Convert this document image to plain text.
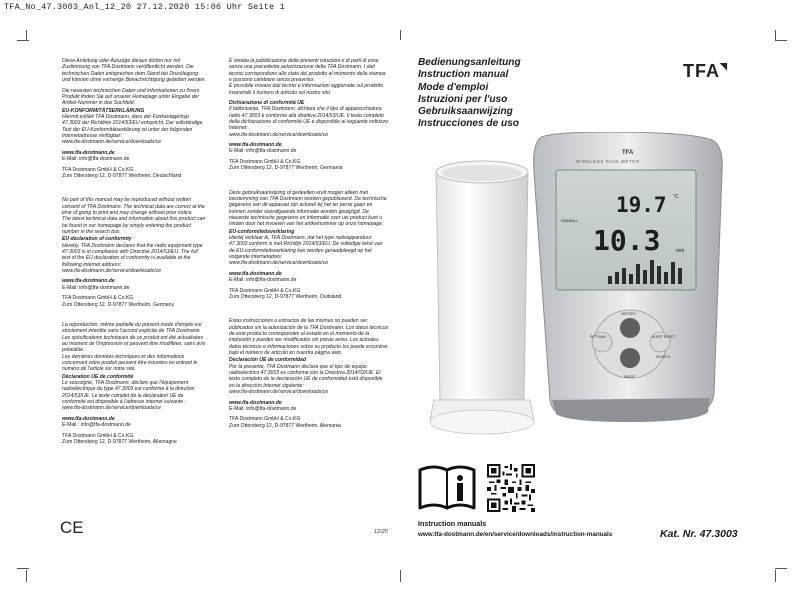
TFA_No_47.3003_Anl_12_20 27.12.2020 15:06 Uhr Seite 1

Diese Anleitung oder Auszüge daraus dürfen nur mit Zustimmung von TFA Dostmann veröffentlicht werden. Die technischen Daten entsprechen dem Stand bei Drucklegung und können ohne vorherige Benachrichtigung geändert werden.

Die neuesten technischen Daten und Informationen zu Ihrem Produkt finden Sie auf unserer Homepage unter Eingabe der Artikel-Nummer in das Suchfeld.

EU-KONFORMITÄTSERKLÄRUNG

Hiermit erklärt TFA Dostmann, dass der Funkanlagentyp 47.3003 der Richtlinie 2014/53/EU entspricht. Der vollständige Text der EU-Konformitätserklärung ist unter der folgenden Internetadresse verfügbar:

www.tfa-dostmann.de/service/downloads/ce

www.tfa-dostmann.de

E-Mail: info@tfa-dostmann.de

TFA Dostmann GmbH & Co.KG
Zum Ottersberg 12, D-97877 Wertheim, Deutschland

No part of this manual may be reproduced without written consent of TFA Dostmann. The technical data are correct at the time of going to print and may change without prior notice.

The latest technical data and information about this product can be found in our homepage by simply entering the product number in the search box.

EU declaration of conformity

Hereby, TFA Dostmann declares that the radio equipment type 47.3003 is in compliance with Directive 2014/53/EU. The full text of the EU declaration of conformity is available at the following internet address:

www.tfa-dostmann.de/service/downloads/ce

www.tfa-dostmann.de

E-Mail: info@tfa-dostmann.de

TFA Dostmann GmbH & Co.KG
Zum Ottersberg 12, D-97877 Wertheim, Germany

La reproduction, même partielle du présent mode d'emploi est strictement interdite sans l'accord explicite de TFA Dostmann. Les spécifications techniques de ce produit ont été actualisées au moment de l'impression et peuvent être modifiées, sans avis préalable.

Les dernières données techniques et des informations concernant votre produit peuvent être trouvées en entrant le numéro de l'article sur notre site.

Déclaration UE de conformité

Le soussigné, TFA Dostmann, déclare que l'équipement radioélectrique du type 47.3003 est conforme à la directive 2014/53/UE. Le texte complet de la déclaration UE de conformité est disponible à l'adresse internet suivante :

www.tfa-dostmann.de/service/downloads/ce

www.tfa-dostmann.de

E-Mail : info@tfa-dostmann.de

TFA Dostmann GmbH & Co.KG
Zum Ottersberg 12, D-97877 Wertheim, Allemagne

È vietata la pubblicazione delle presenti istruzioni o di parti di esse senza una precedente autorizzazione della TFA Dostmann. I dati tecnici corrispondono allo stato del prodotto al momento della stampa e possono cambiare senza preavviso.

È possibile trovare dati tecnici e informazioni aggiornate sul prodotto inserendo il numero di articolo sul nostro sito.

Dichiarazione di conformità UE

Il fabbricante, TFA Dostmann, dichiara che il tipo di apparecchiatura radio 47.3003 è conforme alla direttiva 2014/53/UE. Il testo completo della dichiarazione di conformità UE è disponibile al seguente indirizzo Internet:

www.tfa-dostmann.de/service/downloads/ce

www.tfa-dostmann.de

E-Mail: info@tfa-dostmann.de

TFA Dostmann GmbH & Co.KG
Zum Ottersberg 12, D-97877 Wertheim, Germania

Deze gebruiksaanwijzing of gedeelten eruit mogen alleen met toestemming van TFA Dostmann worden gepubliceerd. De technische gegevens van dit apparaat zijn actueel bij het ter perse gaan en kunnen zonder voorafgaande informatie worden gewijzigd. De nieuwste technische gegevens en informatie over uw product kunt u vinden door het invoeren van het artikelnummer op onze homepage.

EU-conformiteitsverklaring

Hierbij verklaar ik, TFA Dostmann, dat het type radioapparatuur 47.3003 conform is met Richtlijn 2014/53/EU. De volledige tekst van de EU-conformiteitsverklaring kan worden geraadpleegd op het volgende internetadres:

www.tfa-dostmann.de/service/downloads/ce

www.tfa-dostmann.de

E-Mail: info@tfa-dostmann.de

TFA Dostmann GmbH & Co.KG
Zum Ottersberg 12, D-97877 Wertheim, Duitsland

Estas instrucciones o extractos de las mismas no pueden ser publicados sin la autorización de la TFA Dostmann. Los datos técnicos de este producto corresponden al estado en el momento de la impresión y pueden ser modificados sin previo aviso. Los actuales datos técnicos e informaciones sobre su producto los puede encontrar bajo el número de artículo en nuestra página web.

Declaración UE de conformidad

Por la presente, TFA Dostmann declara que el tipo de equipo radioeléctrico 47.3003 es conforme con la Directiva 2014/53/UE. El texto completo de la declaración UE de conformidad está disponible en la dirección Internet siguiente:

www.tfa-dostmann.de/service/downloads/ce

www.tfa-dostmann.de

E-Mail: info@tfa-dostmann.de

TFA Dostmann GmbH & Co.KG
Zum Ottersberg 12, D-97877 Wertheim, Alemania
Bedienungsanleitung
Instruction manual
Mode d'emploi
Istruzioni per l'uso
Gebruiksaanwijzing
Instrucciones de uso
TFA◥
TFA
WIRELESS RAIN METER
19.7 °C
RAINFALL
10.3	mm
SET RAIN
HISTORY
ALERT RESET
SINCE
SEARCH
CE	12/20
Instruction manuals
www.tfa-dostmann.de/en/service/downloads/instruction-manuals	Kat. Nr. 47.3003
